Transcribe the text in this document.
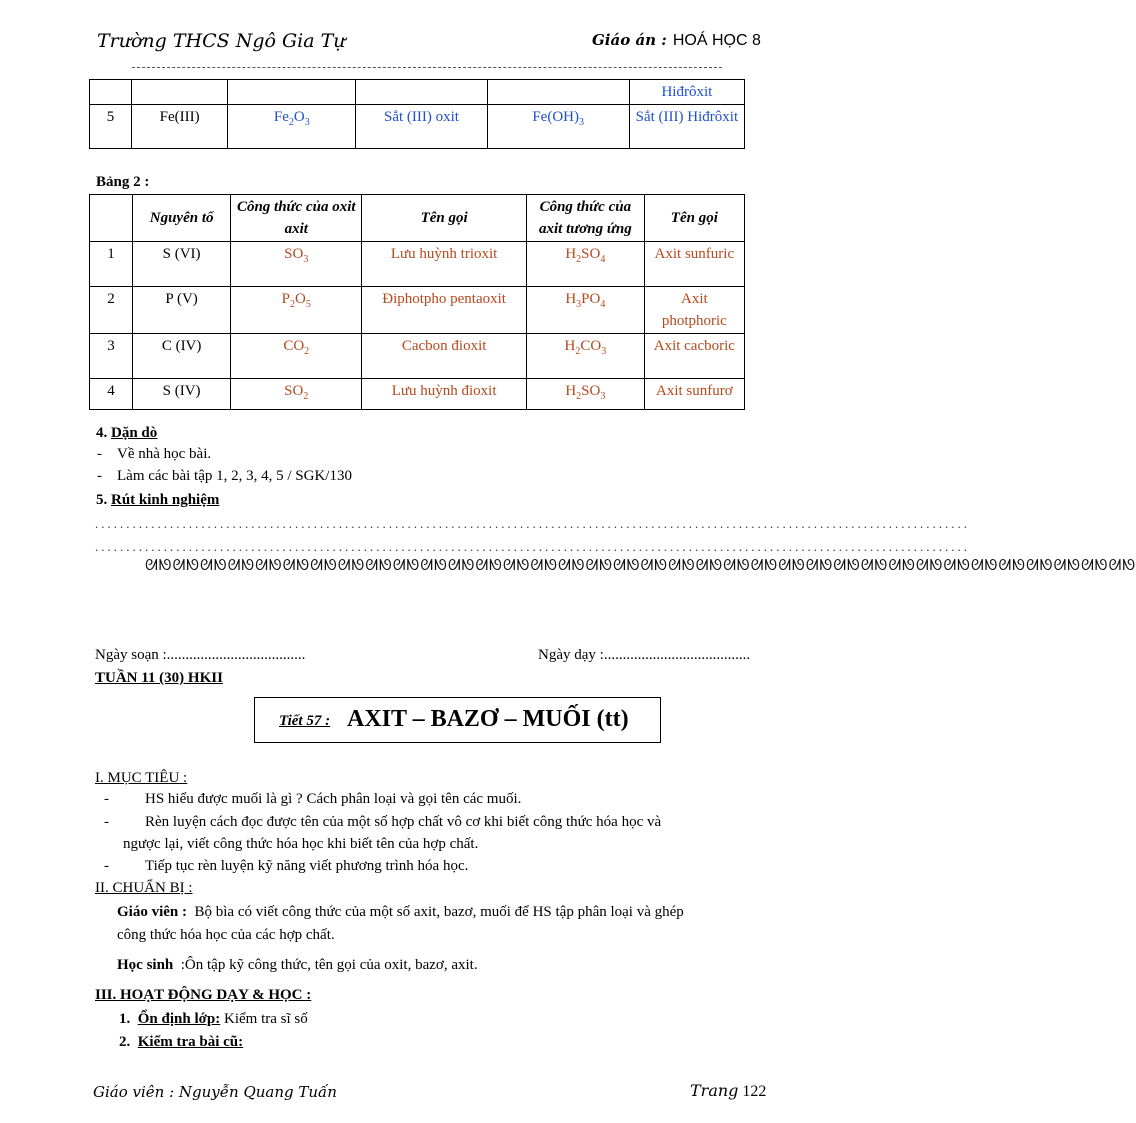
Trường THCS Ngô Gia Tự	Giáo án : HOÁ HỌC 8
					Hiđrôxit
5	Fe(III)	$Fe_2O_3$	Sắt (III) oxit	$Fe(OH)_3$	Sắt (III) Hiđrôxit
Bảng 2 :
	Nguyên tố	Công thức của oxit axit	Tên gọi	Công thức của axit tương ứng	Tên gọi
1	S (VI)	$SO_3$	Lưu huỳnh trioxit	$H_2SO_4$	Axit sunfuric
2	P (V)	$P_2O_5$	Điphotpho pentaoxit	$H_3PO_4$	Axit photphoric
3	C (IV)	$CO_2$	Cacbon đioxit	$H_2CO_3$	Axit cacboric
4	S (IV)	$SO_2$	Lưu huỳnh đioxit	$H_2SO_3$	Axit sunfurơ
4. Dặn dò
-    Về nhà học bài.
-    Làm các bài tập 1, 2, 3, 4, 5 / SGK/130
5. Rút kinh nghiệm
............................................................................................................................................
............................................................................................................................................
ᘛᘚᘛᘚᘛᘚᘛᘚᘛᘚᘛᘚᘛᘚᘛᘚᘛᘚᘛᘚᘛᘚᘛᘚᘛᘚᘛᘚᘛᘚᘛᘚᘛᘚᘛᘚᘛᘚᘛᘚᘛᘚᘛᘚᘛᘚᘛᘚᘛᘚᘛᘚᘛᘚᘛᘚᘛᘚᘛᘚᘛᘚᘛᘚᘛᘚᘛᘚᘛᘚᘛᘚ
Ngày soạn :.....................................	Ngày dạy :.......................................
TUẦN 11 (30) HKII
Tiết 57 : AXIT – BAZƠ – MUỐI (tt)
I. MỤC TIÊU :
- HS hiểu được muối là gì ? Cách phân loại và gọi tên các muối.
- Rèn luyện cách đọc được tên của một số hợp chất vô cơ khi biết công thức hóa học và
ngược lại, viết công thức hóa học khi biết tên của hợp chất.
- Tiếp tục rèn luyện kỹ năng viết phương trình hóa học.
II. CHUẨN BỊ :
Giáo viên : Bộ bìa có viết công thức của một số axit, bazơ, muối để HS tập phân loại và ghép
công thức hóa học của các hợp chất.
Học sinh :Ôn tập kỹ công thức, tên gọi của oxit, bazơ, axit.
III. HOẠT ĐỘNG DẠY & HỌC :
1. Ổn định lớp: Kiểm tra sĩ số
2. Kiểm tra bài cũ:
Giáo viên : Nguyễn Quang Tuấn	Trang 122
